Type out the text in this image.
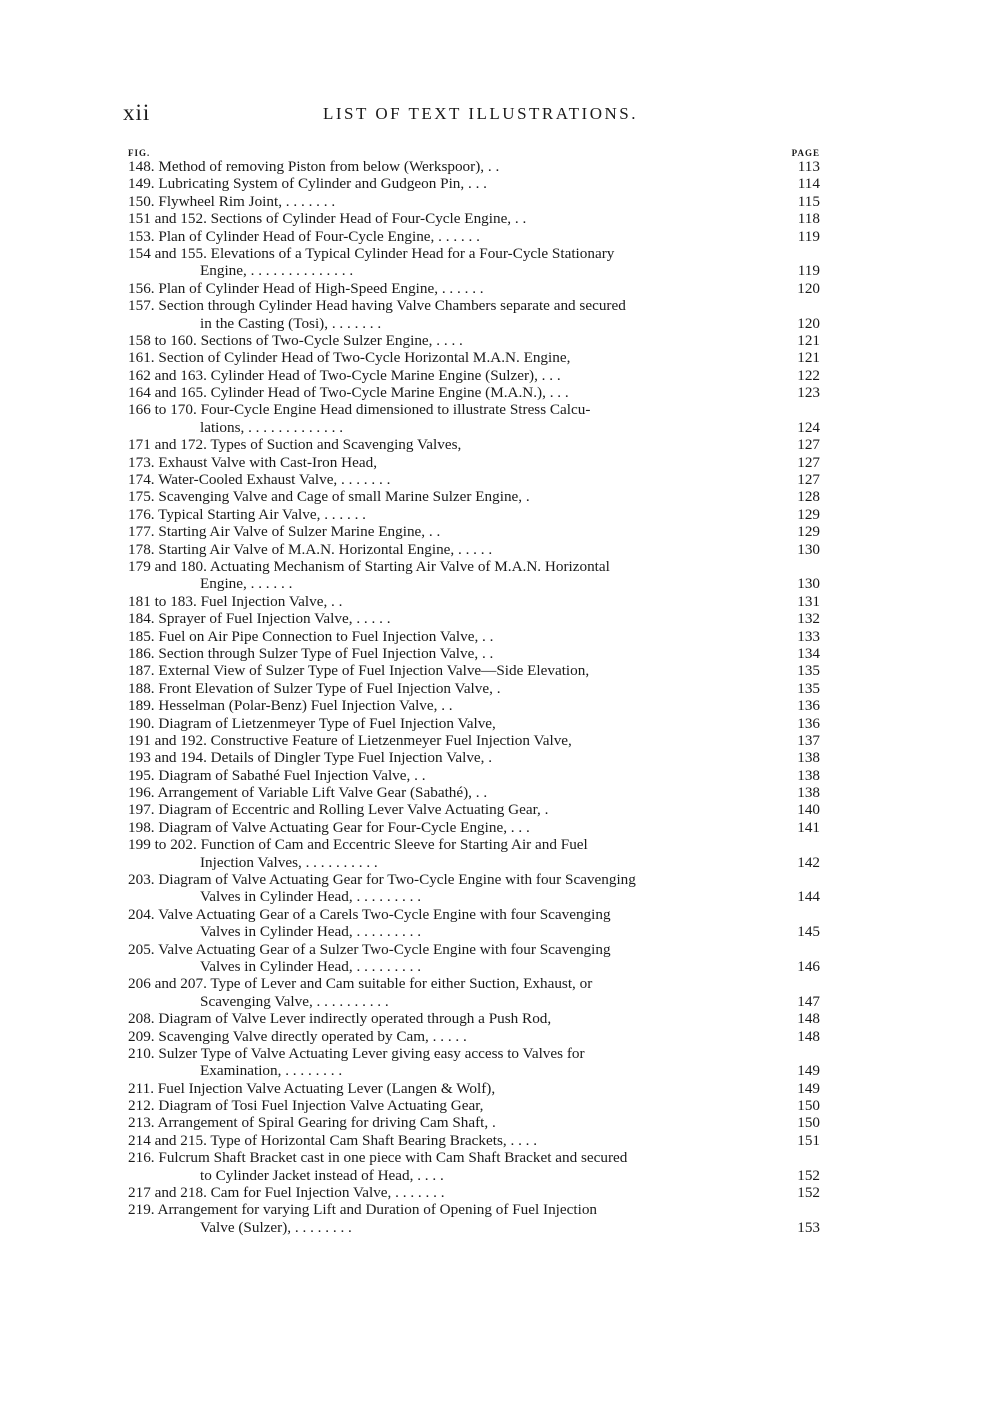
xii	LIST OF TEXT ILLUSTRATIONS.
FIG.	PAGE
148. Method of removing Piston from below (Werkspoor), . .	113
149. Lubricating System of Cylinder and Gudgeon Pin, . . .	114
150. Flywheel Rim Joint, . . . . . . .	115
151 and 152. Sections of Cylinder Head of Four-Cycle Engine, . .	118
153. Plan of Cylinder Head of Four-Cycle Engine, . . . . . .	119
154 and 155. Elevations of a Typical Cylinder Head for a Four-Cycle Stationary
Engine, . . . . . . . . . . . . . .	119
156. Plan of Cylinder Head of High-Speed Engine, . . . . . .	120
157. Section through Cylinder Head having Valve Chambers separate and secured
in the Casting (Tosi), . . . . . . .	120
158 to 160. Sections of Two-Cycle Sulzer Engine, . . . .	121
161. Section of Cylinder Head of Two-Cycle Horizontal M.A.N. Engine,	121
162 and 163. Cylinder Head of Two-Cycle Marine Engine (Sulzer), . . .	122
164 and 165. Cylinder Head of Two-Cycle Marine Engine (M.A.N.), . . .	123
166 to 170. Four-Cycle Engine Head dimensioned to illustrate Stress Calcu-
lations, . . . . . . . . . . . . .	124
171 and 172. Types of Suction and Scavenging Valves,	127
173. Exhaust Valve with Cast-Iron Head,	127
174. Water-Cooled Exhaust Valve, . . . . . . .	127
175. Scavenging Valve and Cage of small Marine Sulzer Engine, .	128
176. Typical Starting Air Valve, . . . . . .	129
177. Starting Air Valve of Sulzer Marine Engine, . .	129
178. Starting Air Valve of M.A.N. Horizontal Engine, . . . . .	130
179 and 180. Actuating Mechanism of Starting Air Valve of M.A.N. Horizontal
Engine, . . . . . .	130
181 to 183. Fuel Injection Valve, . .	131
184. Sprayer of Fuel Injection Valve, . . . . .	132
185. Fuel on Air Pipe Connection to Fuel Injection Valve, . .	133
186. Section through Sulzer Type of Fuel Injection Valve, . .	134
187. External View of Sulzer Type of Fuel Injection Valve—Side Elevation,	135
188. Front Elevation of Sulzer Type of Fuel Injection Valve, .	135
189. Hesselman (Polar-Benz) Fuel Injection Valve, . .	136
190. Diagram of Lietzenmeyer Type of Fuel Injection Valve,	136
191 and 192. Constructive Feature of Lietzenmeyer Fuel Injection Valve,	137
193 and 194. Details of Dingler Type Fuel Injection Valve, .	138
195. Diagram of Sabathé Fuel Injection Valve, . .	138
196. Arrangement of Variable Lift Valve Gear (Sabathé), . .	138
197. Diagram of Eccentric and Rolling Lever Valve Actuating Gear, .	140
198. Diagram of Valve Actuating Gear for Four-Cycle Engine, . . .	141
199 to 202. Function of Cam and Eccentric Sleeve for Starting Air and Fuel
Injection Valves, . . . . . . . . . .	142
203. Diagram of Valve Actuating Gear for Two-Cycle Engine with four Scavenging
Valves in Cylinder Head, . . . . . . . . .	144
204. Valve Actuating Gear of a Carels Two-Cycle Engine with four Scavenging
Valves in Cylinder Head, . . . . . . . . .	145
205. Valve Actuating Gear of a Sulzer Two-Cycle Engine with four Scavenging
Valves in Cylinder Head, . . . . . . . . .	146
206 and 207. Type of Lever and Cam suitable for either Suction, Exhaust, or
Scavenging Valve, . . . . . . . . . .	147
208. Diagram of Valve Lever indirectly operated through a Push Rod,	148
209. Scavenging Valve directly operated by Cam, . . . . .	148
210. Sulzer Type of Valve Actuating Lever giving easy access to Valves for
Examination, . . . . . . . .	149
211. Fuel Injection Valve Actuating Lever (Langen & Wolf),	149
212. Diagram of Tosi Fuel Injection Valve Actuating Gear,	150
213. Arrangement of Spiral Gearing for driving Cam Shaft, .	150
214 and 215. Type of Horizontal Cam Shaft Bearing Brackets, . . . .	151
216. Fulcrum Shaft Bracket cast in one piece with Cam Shaft Bracket and secured
to Cylinder Jacket instead of Head, . . . .	152
217 and 218. Cam for Fuel Injection Valve, . . . . . . .	152
219. Arrangement for varying Lift and Duration of Opening of Fuel Injection
Valve (Sulzer), . . . . . . . .	153
